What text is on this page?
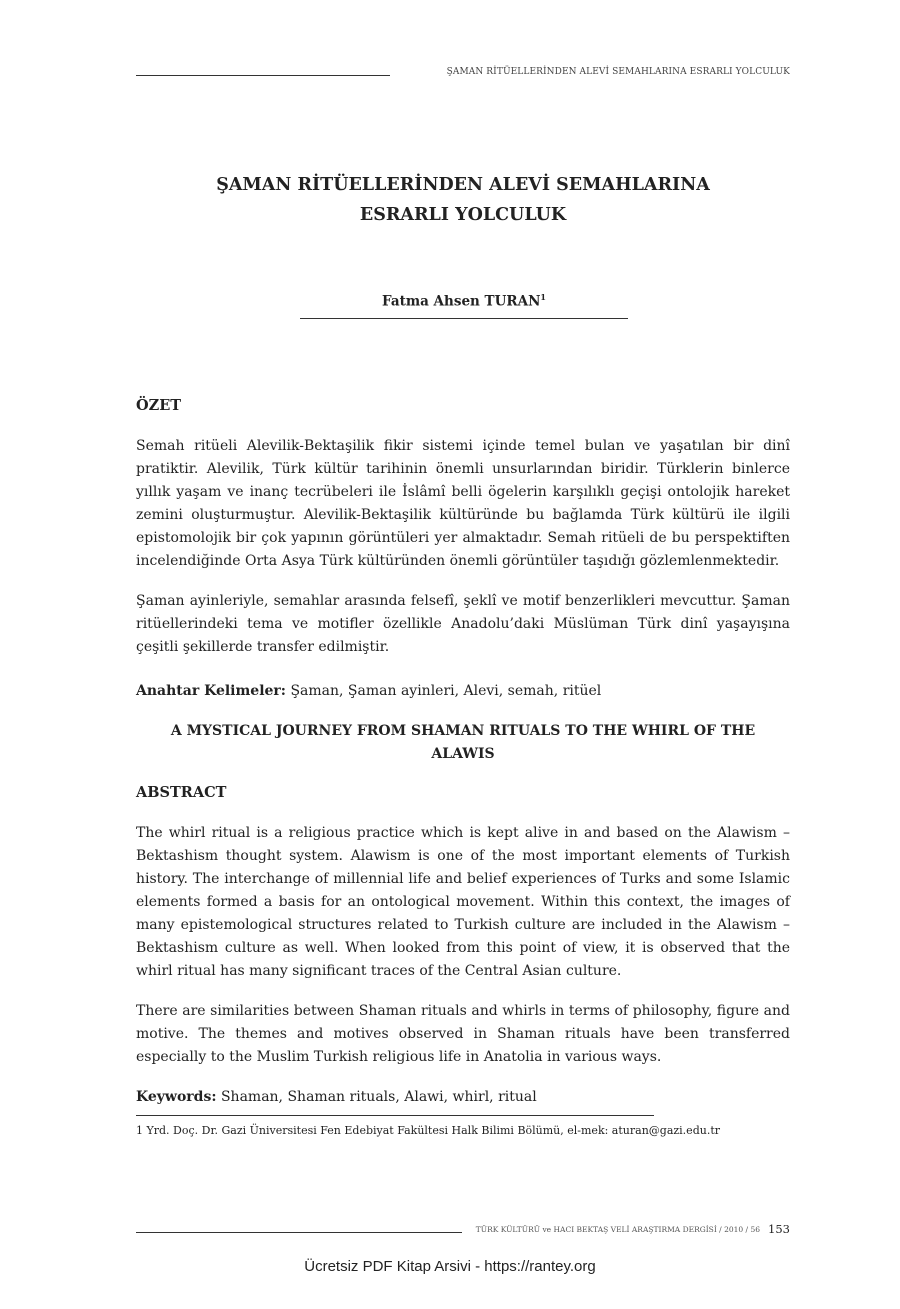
ŞAMAN RİTÜELLERİNDEN ALEVİ SEMAHLARINA ESRARLI YOLCULUK
ŞAMAN RİTÜELLERİNDEN ALEVİ SEMAHLARINA
ESRARLI YOLCULUK
Fatma Ahsen TURAN$^1$
ÖZET

Semah ritüeli Alevilik-Bektaşilik fikir sistemi içinde temel bulan ve yaşatılan bir dinî pratiktir. Alevilik, Türk kültür tarihinin önemli unsurlarından biridir. Türklerin binlerce yıllık yaşam ve inanç tecrübeleri ile İslâmî belli ögelerin karşılıklı geçişi ontolojik hareket zemini oluşturmuştur. Alevilik-Bektaşilik kültüründe bu bağlamda Türk kültürü ile ilgili epistomolojik bir çok yapının görüntüleri yer almaktadır. Semah ritüeli de bu perspektiften incelendiğinde Orta Asya Türk kültüründen önemli görüntüler taşıdığı gözlemlenmektedir.

Şaman ayinleriyle, semahlar arasında felsefî, şeklî ve motif benzerlikleri mevcuttur. Şaman ritüellerindeki tema ve motifler özellikle Anadolu’daki Müslüman Türk dinî yaşayışına çeşitli şekillerde transfer edilmiştir.

Anahtar Kelimeler: Şaman, Şaman ayinleri, Alevi, semah, ritüel
A MYSTICAL JOURNEY FROM SHAMAN RITUALS TO THE WHIRL OF THE
ALAWIS
ABSTRACT

The whirl ritual is a religious practice which is kept alive in and based on the Alawism – Bektashism thought system. Alawism is one of the most important elements of Turkish history. The interchange of millennial life and belief experiences of Turks and some Islamic elements formed a basis for an ontological movement. Within this context, the images of many epistemological structures related to Turkish culture are included in the Alawism – Bektashism culture as well. When looked from this point of view, it is observed that the whirl ritual has many significant traces of the Central Asian culture.

There are similarities between Shaman rituals and whirls in terms of philosophy, figure and motive. The themes and motives observed in Shaman rituals have been transferred especially to the Muslim Turkish religious life in Anatolia in various ways.

Keywords: Shaman, Shaman rituals, Alawi, whirl, ritual
1 Yrd. Doç. Dr. Gazi Üniversitesi Fen Edebiyat Fakültesi Halk Bilimi Bölümü, el-mek: aturan@gazi.edu.tr
TÜRK KÜLTÜRÜ ve HACI BEKTAŞ VELİ ARAŞTIRMA DERGİSİ / 2010 / 56 153
Ücretsiz PDF Kitap Arsivi - https://rantey.org
